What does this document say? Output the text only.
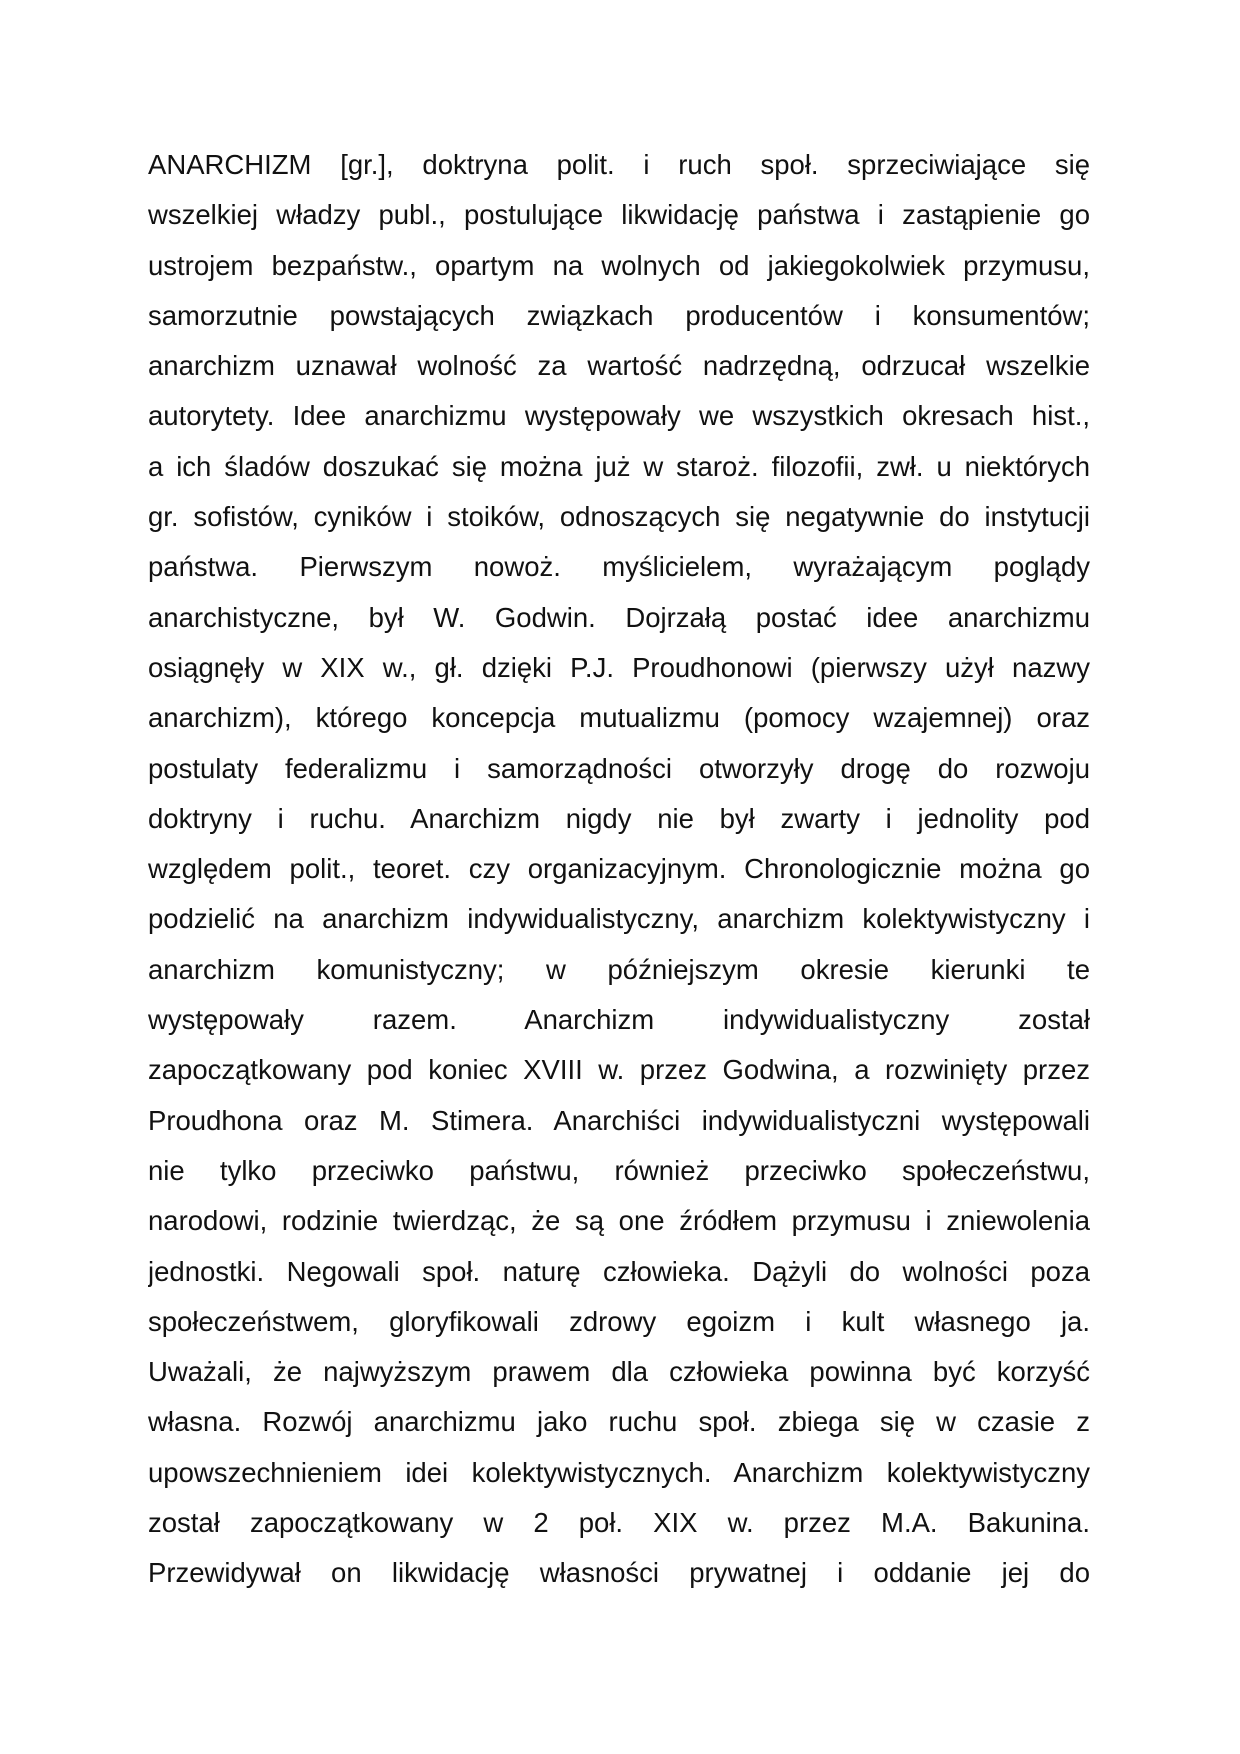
ANARCHIZM [gr.], doktryna polit. i ruch społ. sprzeciwiające się
wszelkiej władzy publ., postulujące likwidację państwa i zastąpienie go
ustrojem bezpaństw., opartym na wolnych od jakiegokolwiek przymusu,
samorzutnie powstających związkach producentów i konsumentów;
anarchizm uznawał wolność za wartość nadrzędną, odrzucał wszelkie
autorytety. Idee anarchizmu występowały we wszystkich okresach hist.,
a ich śladów doszukać się można już w staroż. filozofii, zwł. u niektórych
gr. sofistów, cyników i stoików, odnoszących się negatywnie do instytucji
państwa. Pierwszym nowoż. myślicielem, wyrażającym poglądy
anarchistyczne, był W. Godwin. Dojrzałą postać idee anarchizmu
osiągnęły w XIX w., gł. dzięki P.J. Proudhonowi (pierwszy użył nazwy
anarchizm), którego koncepcja mutualizmu (pomocy wzajemnej) oraz
postulaty federalizmu i samorządności otworzyły drogę do rozwoju
doktryny i ruchu. Anarchizm nigdy nie był zwarty i jednolity pod
względem polit., teoret. czy organizacyjnym. Chronologicznie można go
podzielić na anarchizm indywidualistyczny, anarchizm kolektywistyczny i
anarchizm komunistyczny; w późniejszym okresie kierunki te
występowały razem. Anarchizm indywidualistyczny został
zapoczątkowany pod koniec XVIII w. przez Godwina, a rozwinięty przez
Proudhona oraz M. Stimera. Anarchiści indywidualistyczni występowali
nie tylko przeciwko państwu, również przeciwko społeczeństwu,
narodowi, rodzinie twierdząc, że są one źródłem przymusu i zniewolenia
jednostki. Negowali społ. naturę człowieka. Dążyli do wolności poza
społeczeństwem, gloryfikowali zdrowy egoizm i kult własnego ja.
Uważali, że najwyższym prawem dla człowieka powinna być korzyść
własna. Rozwój anarchizmu jako ruchu społ. zbiega się w czasie z
upowszechnieniem idei kolektywistycznych. Anarchizm kolektywistyczny
został zapoczątkowany w 2 poł. XIX w. przez M.A. Bakunina.
Przewidywał on likwidację własności prywatnej i oddanie jej do
